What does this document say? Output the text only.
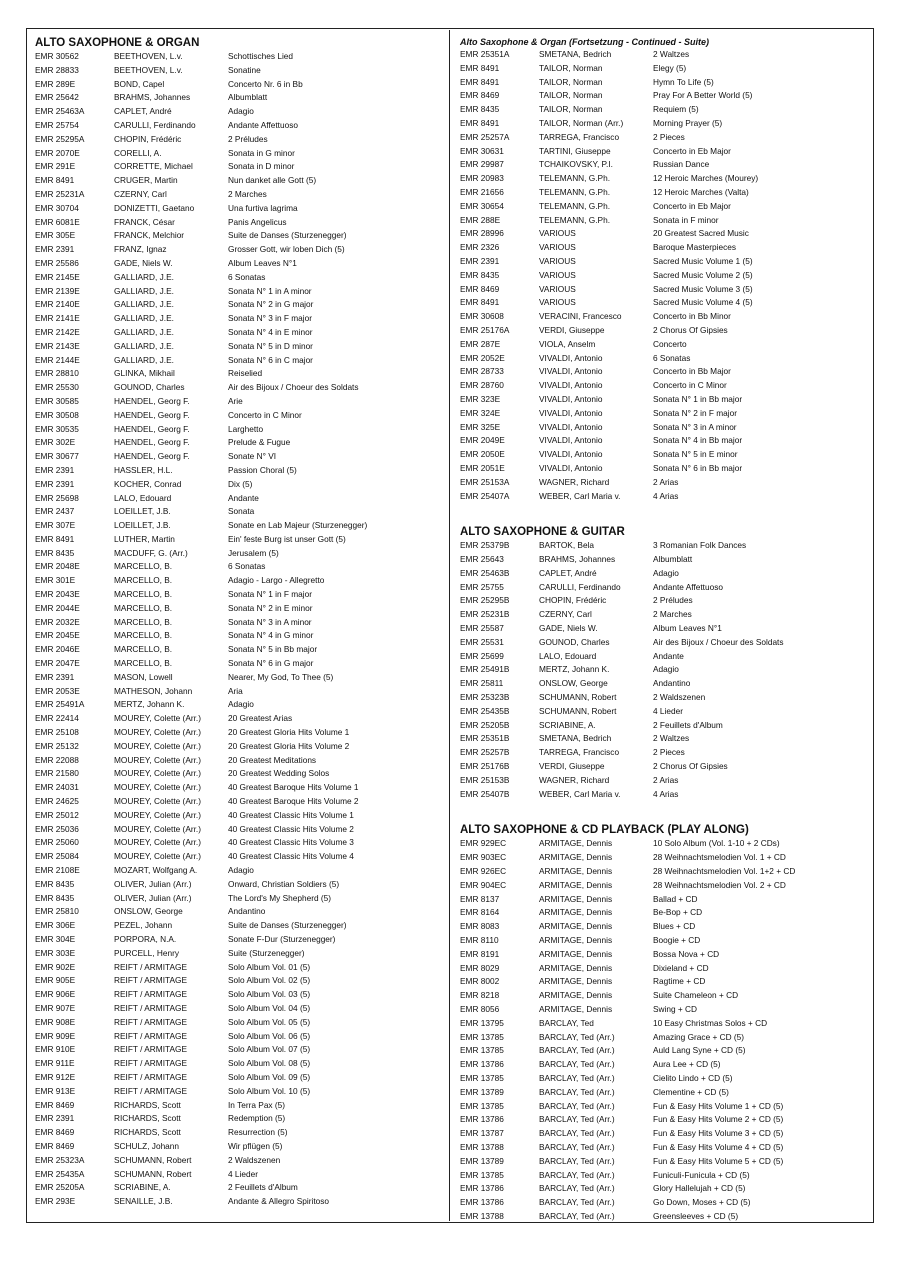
ALTO SAXOPHONE & ORGAN
EMR 30562	BEETHOVEN, L.v.	Schottisches Lied
EMR 28833	BEETHOVEN, L.v.	Sonatine
EMR 289E	BOND, Capel	Concerto Nr. 6 in Bb
EMR 25642	BRAHMS, Johannes	Albumblatt
EMR 25463A	CAPLET, André	Adagio
EMR 25754	CARULLI, Ferdinando	Andante Affettuoso
EMR 25295A	CHOPIN, Frédéric	2 Préludes
EMR 2070E	CORELLI, A.	Sonata in G minor
EMR 291E	CORRETTE, Michael	Sonata in D minor
EMR 8491	CRUGER, Martin	Nun danket alle Gott (5)
EMR 25231A	CZERNY, Carl	2 Marches
EMR 30704	DONIZETTI, Gaetano	Una furtiva lagrima
EMR 6081E	FRANCK, César	Panis Angelicus
EMR 305E	FRANCK, Melchior	Suite de Danses (Sturzenegger)
EMR 2391	FRANZ, Ignaz	Grosser Gott, wir loben Dich (5)
EMR 25586	GADE, Niels W.	Album Leaves N°1
EMR 2145E	GALLIARD, J.E.	6 Sonatas
EMR 2139E	GALLIARD, J.E.	Sonata N° 1 in A minor
EMR 2140E	GALLIARD, J.E.	Sonata N° 2 in G major
EMR 2141E	GALLIARD, J.E.	Sonata N° 3 in F major
EMR 2142E	GALLIARD, J.E.	Sonata N° 4 in E minor
EMR 2143E	GALLIARD, J.E.	Sonata N° 5 in D minor
EMR 2144E	GALLIARD, J.E.	Sonata N° 6 in C major
EMR 28810	GLINKA, Mikhail	Reiselied
EMR 25530	GOUNOD, Charles	Air des Bijoux / Choeur des Soldats
EMR 30585	HAENDEL, Georg F.	Arie
EMR 30508	HAENDEL, Georg F.	Concerto in C Minor
EMR 30535	HAENDEL, Georg F.	Larghetto
EMR 302E	HAENDEL, Georg F.	Prelude & Fugue
EMR 30677	HAENDEL, Georg F.	Sonate N° VI
EMR 2391	HASSLER, H.L.	Passion Choral (5)
EMR 2391	KOCHER, Conrad	Dix (5)
EMR 25698	LALO, Edouard	Andante
EMR 2437	LOEILLET, J.B.	Sonata
EMR 307E	LOEILLET, J.B.	Sonate en Lab Majeur (Sturzenegger)
EMR 8491	LUTHER, Martin	Ein' feste Burg ist unser Gott (5)
EMR 8435	MACDUFF, G. (Arr.)	Jerusalem (5)
EMR 2048E	MARCELLO, B.	6 Sonatas
EMR 301E	MARCELLO, B.	Adagio - Largo - Allegretto
EMR 2043E	MARCELLO, B.	Sonata N° 1 in F major
EMR 2044E	MARCELLO, B.	Sonata N° 2 in E minor
EMR 2032E	MARCELLO, B.	Sonata N° 3 in A minor
EMR 2045E	MARCELLO, B.	Sonata N° 4 in G minor
EMR 2046E	MARCELLO, B.	Sonata N° 5 in Bb major
EMR 2047E	MARCELLO, B.	Sonata N° 6 in G major
EMR 2391	MASON, Lowell	Nearer, My God, To Thee (5)
EMR 2053E	MATHESON, Johann	Aria
EMR 25491A	MERTZ, Johann K.	Adagio
EMR 22414	MOUREY, Colette (Arr.)	20 Greatest Arias
EMR 25108	MOUREY, Colette (Arr.)	20 Greatest Gloria Hits Volume 1
EMR 25132	MOUREY, Colette (Arr.)	20 Greatest Gloria Hits Volume 2
EMR 22088	MOUREY, Colette (Arr.)	20 Greatest Meditations
EMR 21580	MOUREY, Colette (Arr.)	20 Greatest Wedding Solos
EMR 24031	MOUREY, Colette (Arr.)	40 Greatest Baroque Hits Volume 1
EMR 24625	MOUREY, Colette (Arr.)	40 Greatest Baroque Hits Volume 2
EMR 25012	MOUREY, Colette (Arr.)	40 Greatest Classic Hits Volume 1
EMR 25036	MOUREY, Colette (Arr.)	40 Greatest Classic Hits Volume 2
EMR 25060	MOUREY, Colette (Arr.)	40 Greatest Classic Hits Volume 3
EMR 25084	MOUREY, Colette (Arr.)	40 Greatest Classic Hits Volume 4
EMR 2108E	MOZART, Wolfgang A.	Adagio
EMR 8435	OLIVER, Julian (Arr.)	Onward, Christian Soldiers (5)
EMR 8435	OLIVER, Julian (Arr.)	The Lord's My Shepherd (5)
EMR 25810	ONSLOW, George	Andantino
EMR 306E	PEZEL, Johann	Suite de Danses (Sturzenegger)
EMR 304E	PORPORA, N.A.	Sonate F-Dur (Sturzenegger)
EMR 303E	PURCELL, Henry	Suite (Sturzenegger)
EMR 902E	REIFT / ARMITAGE	Solo Album Vol. 01 (5)
EMR 905E	REIFT / ARMITAGE	Solo Album Vol. 02 (5)
EMR 906E	REIFT / ARMITAGE	Solo Album Vol. 03 (5)
EMR 907E	REIFT / ARMITAGE	Solo Album Vol. 04 (5)
EMR 908E	REIFT / ARMITAGE	Solo Album Vol. 05 (5)
EMR 909E	REIFT / ARMITAGE	Solo Album Vol. 06 (5)
EMR 910E	REIFT / ARMITAGE	Solo Album Vol. 07 (5)
EMR 911E	REIFT / ARMITAGE	Solo Album Vol. 08 (5)
EMR 912E	REIFT / ARMITAGE	Solo Album Vol. 09 (5)
EMR 913E	REIFT / ARMITAGE	Solo Album Vol. 10 (5)
EMR 8469	RICHARDS, Scott	In Terra Pax (5)
EMR 2391	RICHARDS, Scott	Redemption (5)
EMR 8469	RICHARDS, Scott	Resurrection (5)
EMR 8469	SCHULZ, Johann	Wir pflügen (5)
EMR 25323A	SCHUMANN, Robert	2 Waldszenen
EMR 25435A	SCHUMANN, Robert	4 Lieder
EMR 25205A	SCRIABINE, A.	2 Feuillets d'Album
EMR 293E	SENAILLE, J.B.	Andante & Allegro Spiritoso
Alto Saxophone & Organ (Fortsetzung - Continued - Suite)
EMR 25351A	SMETANA, Bedrich	2 Waltzes
EMR 8491	TAILOR, Norman	Elegy (5)
EMR 8491	TAILOR, Norman	Hymn To Life (5)
EMR 8469	TAILOR, Norman	Pray For A Better World (5)
EMR 8435	TAILOR, Norman	Requiem (5)
EMR 8491	TAILOR, Norman (Arr.)	Morning Prayer (5)
EMR 25257A	TARREGA, Francisco	2 Pieces
EMR 30631	TARTINI, Giuseppe	Concerto in Eb Major
EMR 29987	TCHAIKOVSKY, P.I.	Russian Dance
EMR 20983	TELEMANN, G.Ph.	12 Heroic Marches (Mourey)
EMR 21656	TELEMANN, G.Ph.	12 Heroic Marches (Valta)
EMR 30654	TELEMANN, G.Ph.	Concerto in Eb Major
EMR 288E	TELEMANN, G.Ph.	Sonata in F minor
EMR 28996	VARIOUS	20 Greatest Sacred Music
EMR 2326	VARIOUS	Baroque Masterpieces
EMR 2391	VARIOUS	Sacred Music Volume 1 (5)
EMR 8435	VARIOUS	Sacred Music Volume 2 (5)
EMR 8469	VARIOUS	Sacred Music Volume 3 (5)
EMR 8491	VARIOUS	Sacred Music Volume 4 (5)
EMR 30608	VERACINI, Francesco	Concerto in Bb Minor
EMR 25176A	VERDI, Giuseppe	2 Chorus Of Gipsies
EMR 287E	VIOLA, Anselm	Concerto
EMR 2052E	VIVALDI, Antonio	6 Sonatas
EMR 28733	VIVALDI, Antonio	Concerto in Bb Major
EMR 28760	VIVALDI, Antonio	Concerto in C Minor
EMR 323E	VIVALDI, Antonio	Sonata N° 1 in Bb major
EMR 324E	VIVALDI, Antonio	Sonata N° 2 in F major
EMR 325E	VIVALDI, Antonio	Sonata N° 3 in A minor
EMR 2049E	VIVALDI, Antonio	Sonata N° 4 in Bb major
EMR 2050E	VIVALDI, Antonio	Sonata N° 5 in E minor
EMR 2051E	VIVALDI, Antonio	Sonata N° 6 in Bb major
EMR 25153A	WAGNER, Richard	2 Arias
EMR 25407A	WEBER, Carl Maria v.	4 Arias
ALTO SAXOPHONE & GUITAR
EMR 25379B	BARTOK, Bela	3 Romanian Folk Dances
EMR 25643	BRAHMS, Johannes	Albumblatt
EMR 25463B	CAPLET, André	Adagio
EMR 25755	CARULLI, Ferdinando	Andante Affettuoso
EMR 25295B	CHOPIN, Frédéric	2 Préludes
EMR 25231B	CZERNY, Carl	2 Marches
EMR 25587	GADE, Niels W.	Album Leaves N°1
EMR 25531	GOUNOD, Charles	Air des Bijoux / Choeur des Soldats
EMR 25699	LALO, Edouard	Andante
EMR 25491B	MERTZ, Johann K.	Adagio
EMR 25811	ONSLOW, George	Andantino
EMR 25323B	SCHUMANN, Robert	2 Waldszenen
EMR 25435B	SCHUMANN, Robert	4 Lieder
EMR 25205B	SCRIABINE, A.	2 Feuillets d'Album
EMR 25351B	SMETANA, Bedrich	2 Waltzes
EMR 25257B	TARREGA, Francisco	2 Pieces
EMR 25176B	VERDI, Giuseppe	2 Chorus Of Gipsies
EMR 25153B	WAGNER, Richard	2 Arias
EMR 25407B	WEBER, Carl Maria v.	4 Arias
ALTO SAXOPHONE & CD PLAYBACK (PLAY ALONG)
EMR 929EC	ARMITAGE, Dennis	10 Solo Album (Vol. 1-10 + 2 CDs)
EMR 903EC	ARMITAGE, Dennis	28 Weihnachtsmelodien Vol. 1 + CD
EMR 926EC	ARMITAGE, Dennis	28 Weihnachtsmelodien Vol. 1+2 + CD
EMR 904EC	ARMITAGE, Dennis	28 Weihnachtsmelodien Vol. 2 + CD
EMR 8137	ARMITAGE, Dennis	Ballad + CD
EMR 8164	ARMITAGE, Dennis	Be-Bop + CD
EMR 8083	ARMITAGE, Dennis	Blues + CD
EMR 8110	ARMITAGE, Dennis	Boogie + CD
EMR 8191	ARMITAGE, Dennis	Bossa Nova + CD
EMR 8029	ARMITAGE, Dennis	Dixieland + CD
EMR 8002	ARMITAGE, Dennis	Ragtime + CD
EMR 8218	ARMITAGE, Dennis	Suite Chameleon + CD
EMR 8056	ARMITAGE, Dennis	Swing + CD
EMR 13795	BARCLAY, Ted	10 Easy Christmas Solos + CD
EMR 13785	BARCLAY, Ted (Arr.)	Amazing Grace + CD (5)
EMR 13785	BARCLAY, Ted (Arr.)	Auld Lang Syne + CD (5)
EMR 13786	BARCLAY, Ted (Arr.)	Aura Lee + CD (5)
EMR 13785	BARCLAY, Ted (Arr.)	Cielito Lindo + CD (5)
EMR 13789	BARCLAY, Ted (Arr.)	Clementine + CD (5)
EMR 13785	BARCLAY, Ted (Arr.)	Fun & Easy Hits Volume 1 + CD (5)
EMR 13786	BARCLAY, Ted (Arr.)	Fun & Easy Hits Volume 2 + CD (5)
EMR 13787	BARCLAY, Ted (Arr.)	Fun & Easy Hits Volume 3 + CD (5)
EMR 13788	BARCLAY, Ted (Arr.)	Fun & Easy Hits Volume 4 + CD (5)
EMR 13789	BARCLAY, Ted (Arr.)	Fun & Easy Hits Volume 5 + CD (5)
EMR 13785	BARCLAY, Ted (Arr.)	Funiculi-Funicula + CD (5)
EMR 13786	BARCLAY, Ted (Arr.)	Glory Hallelujah + CD (5)
EMR 13786	BARCLAY, Ted (Arr.)	Go Down, Moses + CD (5)
EMR 13788	BARCLAY, Ted (Arr.)	Greensleeves + CD (5)
